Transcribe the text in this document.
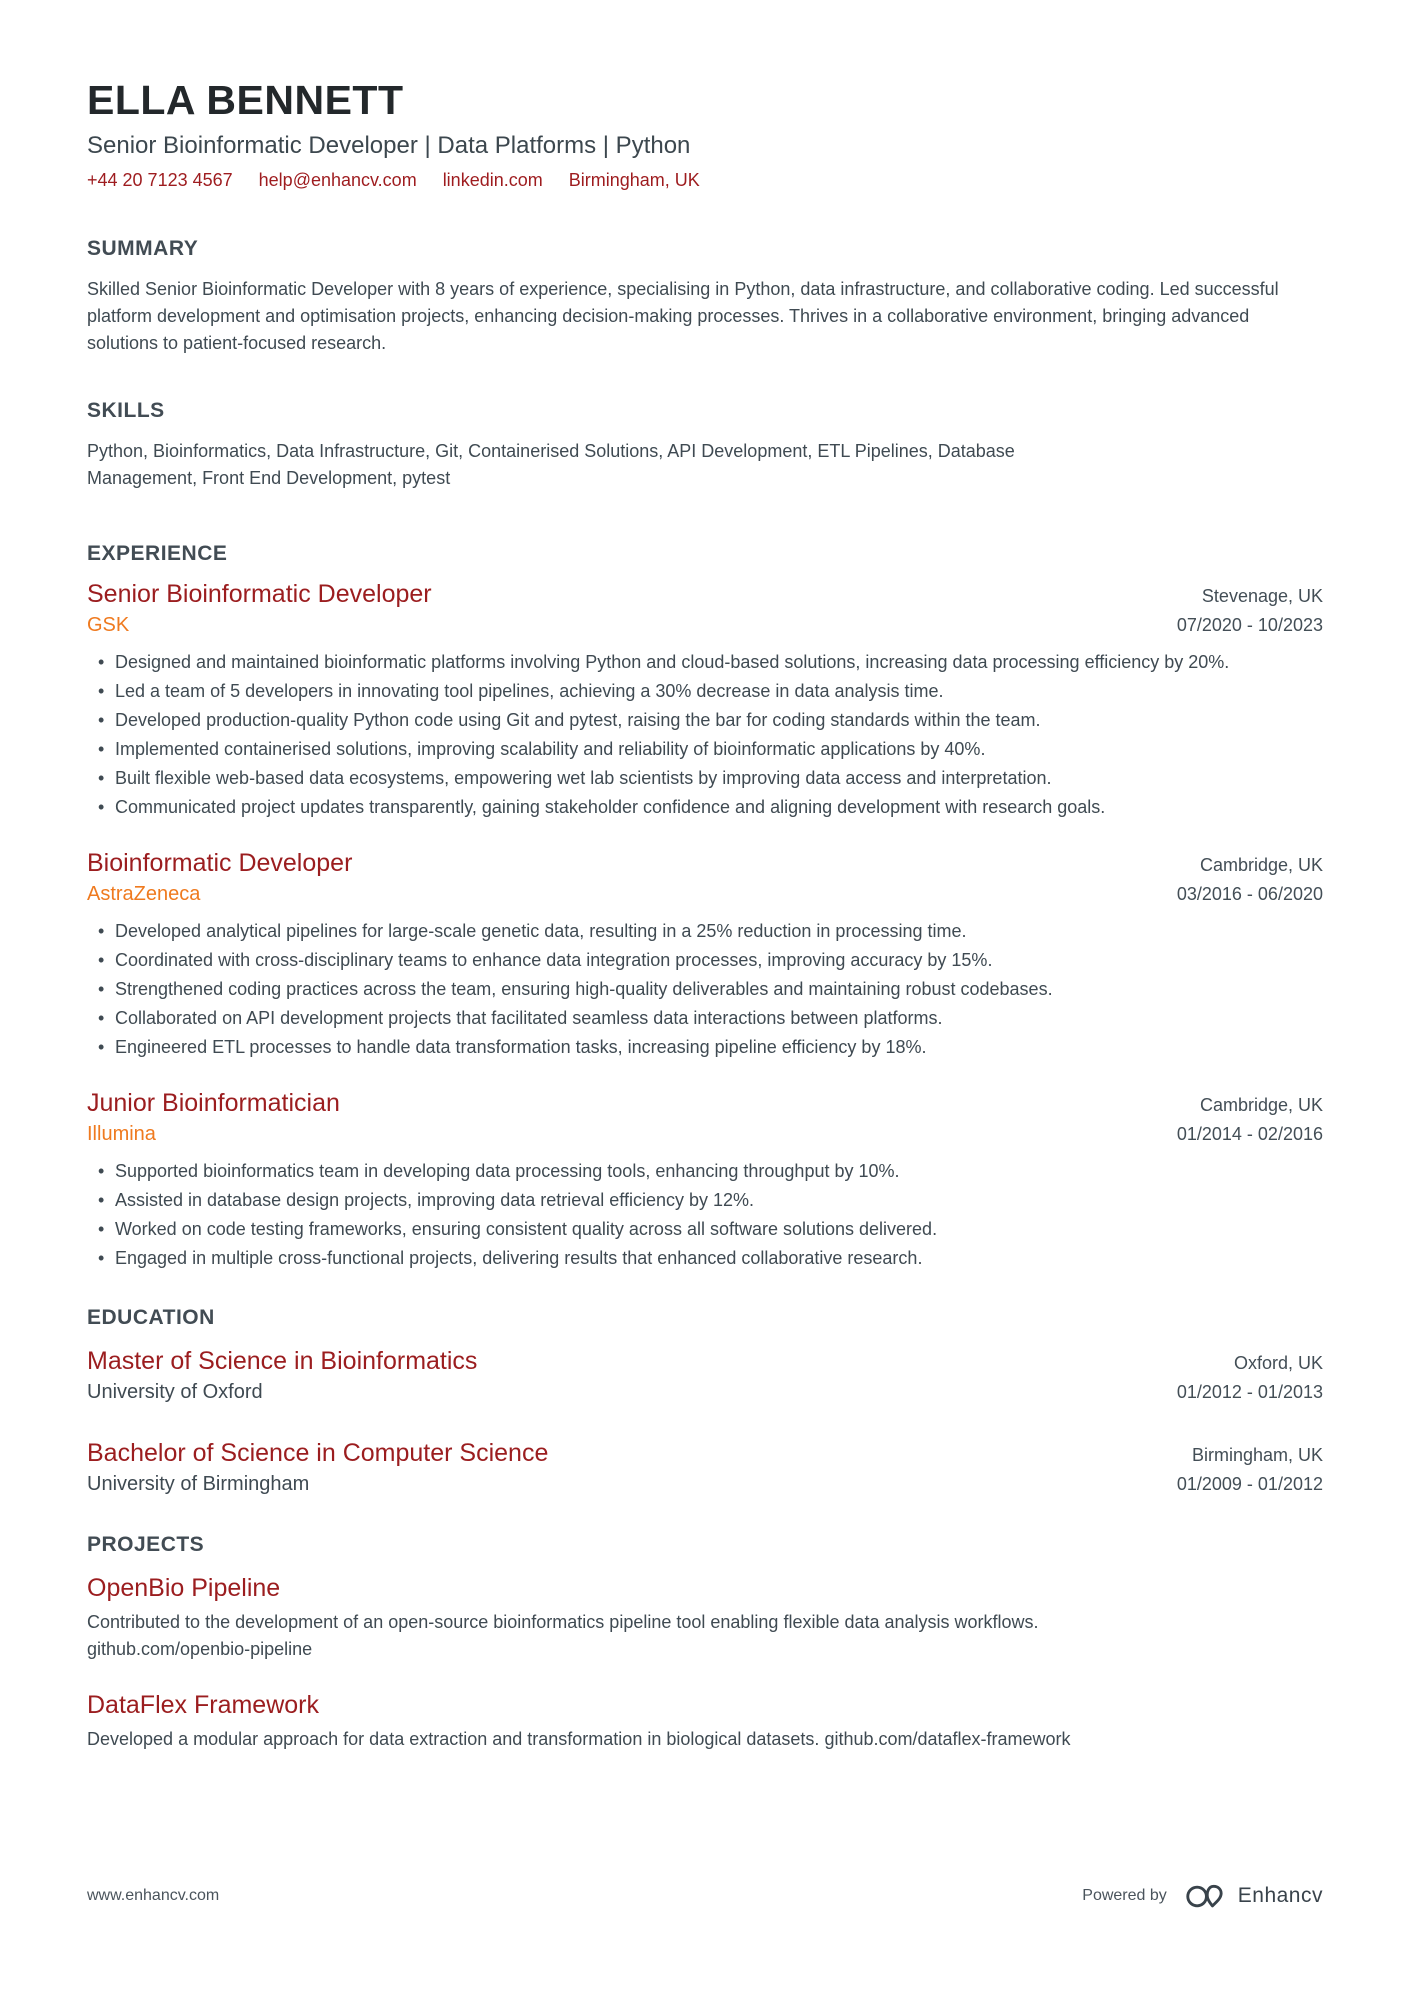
ELLA BENNETT
Senior Bioinformatic Developer | Data Platforms | Python
+44 20 7123 4567 help@enhancv.com linkedin.com Birmingham, UK
SUMMARY
Skilled Senior Bioinformatic Developer with 8 years of experience, specialising in Python, data infrastructure, and collaborative coding. Led successful platform development and optimisation projects, enhancing decision-making processes. Thrives in a collaborative environment, bringing advanced solutions to patient-focused research.
SKILLS
Python, Bioinformatics, Data Infrastructure, Git, Containerised Solutions, API Development, ETL Pipelines, Database Management, Front End Development, pytest
EXPERIENCE
Senior Bioinformatic Developer	Stevenage, UK
GSK	07/2020 - 10/2023
• Designed and maintained bioinformatic platforms involving Python and cloud-based solutions, increasing data processing efficiency by 20%.
• Led a team of 5 developers in innovating tool pipelines, achieving a 30% decrease in data analysis time.
• Developed production-quality Python code using Git and pytest, raising the bar for coding standards within the team.
• Implemented containerised solutions, improving scalability and reliability of bioinformatic applications by 40%.
• Built flexible web-based data ecosystems, empowering wet lab scientists by improving data access and interpretation.
• Communicated project updates transparently, gaining stakeholder confidence and aligning development with research goals.
Bioinformatic Developer	Cambridge, UK
AstraZeneca	03/2016 - 06/2020
• Developed analytical pipelines for large-scale genetic data, resulting in a 25% reduction in processing time.
• Coordinated with cross-disciplinary teams to enhance data integration processes, improving accuracy by 15%.
• Strengthened coding practices across the team, ensuring high-quality deliverables and maintaining robust codebases.
• Collaborated on API development projects that facilitated seamless data interactions between platforms.
• Engineered ETL processes to handle data transformation tasks, increasing pipeline efficiency by 18%.
Junior Bioinformatician	Cambridge, UK
Illumina	01/2014 - 02/2016
• Supported bioinformatics team in developing data processing tools, enhancing throughput by 10%.
• Assisted in database design projects, improving data retrieval efficiency by 12%.
• Worked on code testing frameworks, ensuring consistent quality across all software solutions delivered.
• Engaged in multiple cross-functional projects, delivering results that enhanced collaborative research.
EDUCATION
Master of Science in Bioinformatics	Oxford, UK
University of Oxford	01/2012 - 01/2013
Bachelor of Science in Computer Science	Birmingham, UK
University of Birmingham	01/2009 - 01/2012
PROJECTS
OpenBio Pipeline
Contributed to the development of an open-source bioinformatics pipeline tool enabling flexible data analysis workflows.
github.com/openbio-pipeline
DataFlex Framework
Developed a modular approach for data extraction and transformation in biological datasets. github.com/dataflex-framework
www.enhancv.com	Powered by	Enhancv
